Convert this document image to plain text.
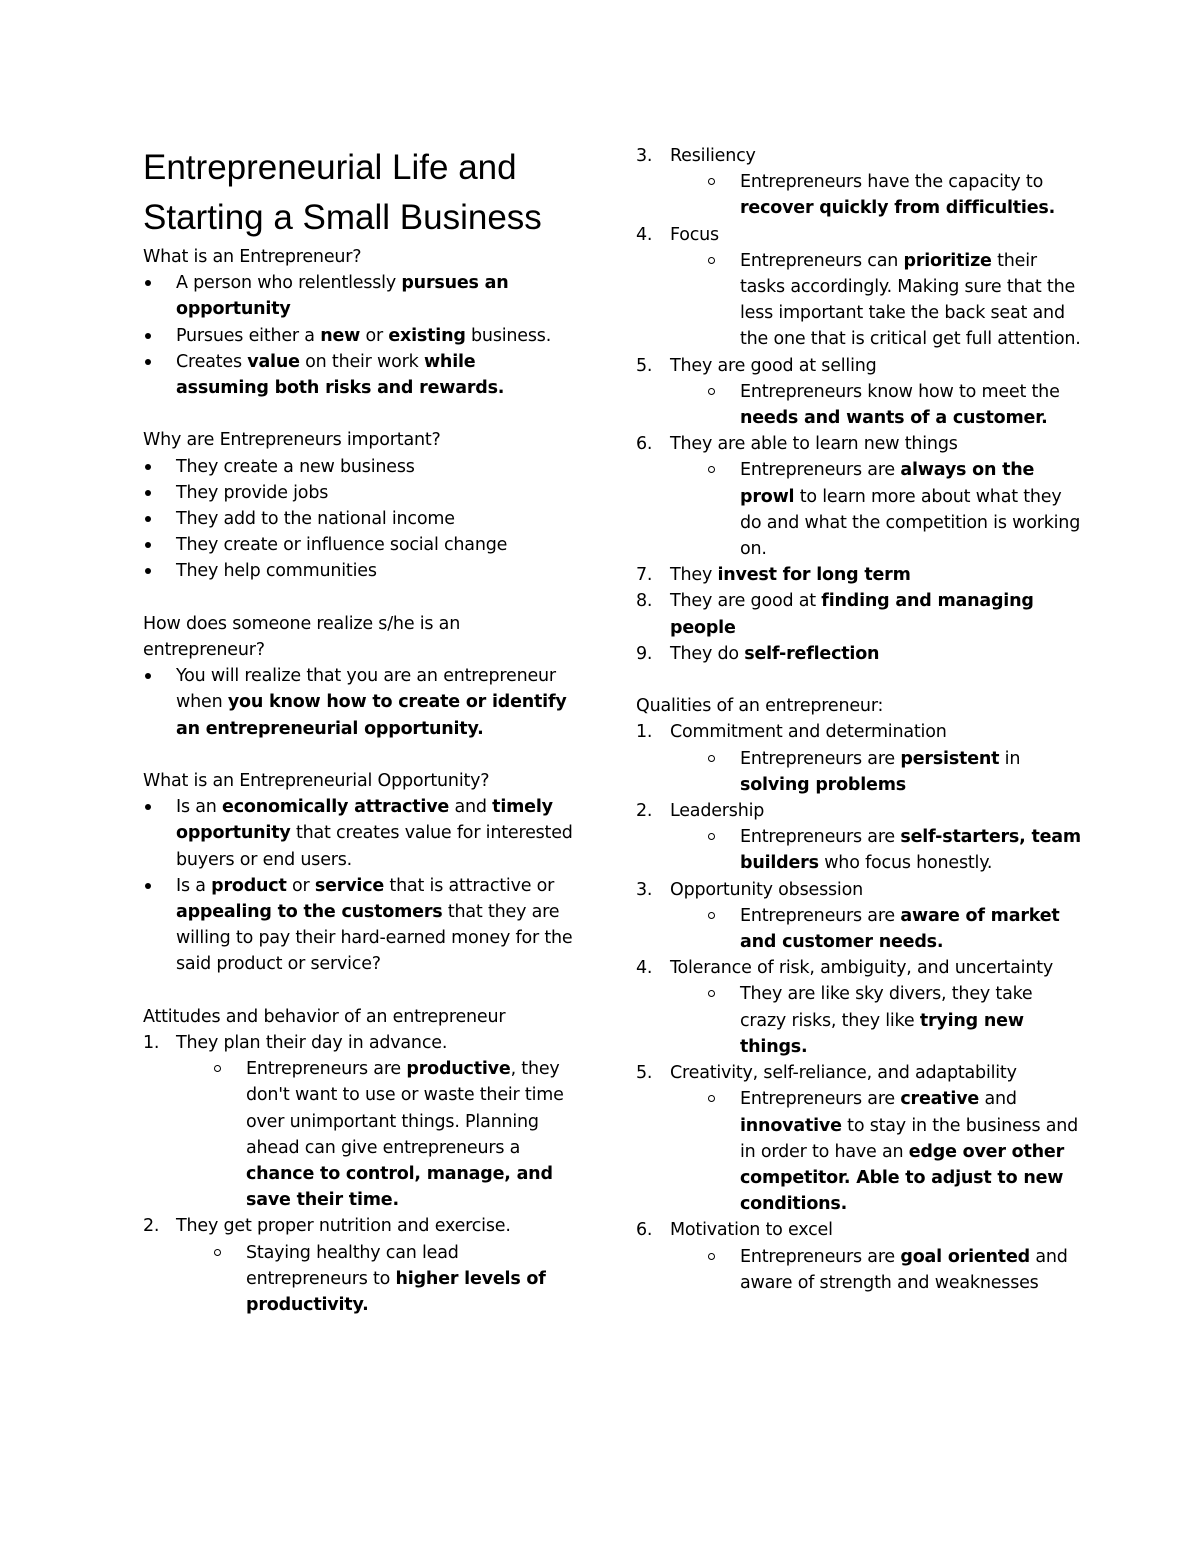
Entrepreneurial Life and Starting a Small Business

What is an Entrepreneur?

A person who relentlessly pursues an opportunity
Pursues either a new or existing business.
Creates value on their work while assuming both risks and rewards.

Why are Entrepreneurs important?

They create a new business
They provide jobs
They add to the national income
They create or influence social change
They help communities

How does someone realize s/he is an entrepreneur?

You will realize that you are an entrepreneur when you know how to create or identify an entrepreneurial opportunity.

What is an Entrepreneurial Opportunity?

Is an economically attractive and timely opportunity that creates value for interested buyers or end users.
Is a product or service that is attractive or appealing to the customers that they are willing to pay their hard-earned money for the said product or service?

Attitudes and behavior of an entrepreneur

1. They plan their day in advance.
Entrepreneurs are productive, they don't want to use or waste their time over unimportant things. Planning ahead can give entrepreneurs a chance to control, manage, and save their time.
2. They get proper nutrition and exercise.
Staying healthy can lead entrepreneurs to higher levels of productivity.
3. Resiliency
Entrepreneurs have the capacity to recover quickly from difficulties.
4. Focus
Entrepreneurs can prioritize their tasks accordingly. Making sure that the less important take the back seat and the one that is critical get full attention.
5. They are good at selling
Entrepreneurs know how to meet the needs and wants of a customer.
6. They are able to learn new things
Entrepreneurs are always on the prowl to learn more about what they do and what the competition is working on.
7. They invest for long term
8. They are good at finding and managing people
9. They do self-reflection

Qualities of an entrepreneur:

1. Commitment and determination
Entrepreneurs are persistent in solving problems
2. Leadership
Entrepreneurs are self-starters, team builders who focus honestly.
3. Opportunity obsession
Entrepreneurs are aware of market and customer needs.
4. Tolerance of risk, ambiguity, and uncertainty
They are like sky divers, they take crazy risks, they like trying new things.
5. Creativity, self-reliance, and adaptability
Entrepreneurs are creative and innovative to stay in the business and in order to have an edge over other competitor. Able to adjust to new conditions.
6. Motivation to excel
Entrepreneurs are goal oriented and aware of strength and weaknesses
